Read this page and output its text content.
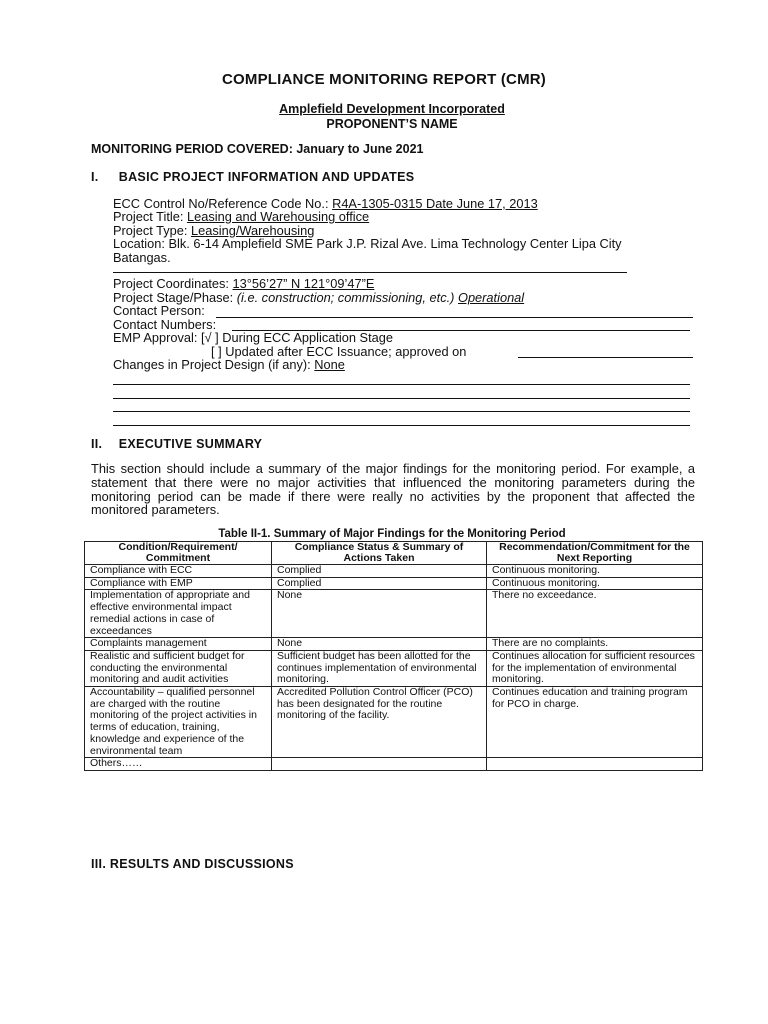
COMPLIANCE MONITORING REPORT (CMR)
Amplefield Development Incorporated
PROPONENT’S NAME
MONITORING PERIOD COVERED: January to June 2021
I. BASIC PROJECT INFORMATION AND UPDATES
ECC Control No/Reference Code No.: R4A-1305-0315 Date June 17, 2013
Project Title: Leasing and Warehousing office
Project Type: Leasing/Warehousing
Location: Blk. 6-14 Amplefield SME Park J.P. Rizal Ave. Lima Technology Center Lipa City
Batangas.
Project Coordinates: 13°56’27” N 121°09’47”E
Project Stage/Phase: (i.e. construction; commissioning, etc.) Operational
Contact Person:
Contact Numbers:
EMP Approval: [√ ] During ECC Application Stage
[ ] Updated after ECC Issuance; approved on
Changes in Project Design (if any): None
II. EXECUTIVE SUMMARY
This section should include a summary of the major findings for the monitoring period. For example, a statement that there were no major activities that influenced the monitoring parameters during the monitoring period can be made if there were really no activities by the proponent that affected the monitored parameters.
Table II-1. Summary of Major Findings for the Monitoring Period
Condition/Requirement/ Commitment	Compliance Status & Summary of Actions Taken	Recommendation/Commitment for the Next Reporting
Compliance with ECC	Complied	Continuous monitoring.
Compliance with EMP	Complied	Continuous monitoring.
Implementation of appropriate and effective environmental impact remedial actions in case of exceedances	None	There no exceedance.
Complaints management	None	There are no complaints.
Realistic and sufficient budget for conducting the environmental monitoring and audit activities	Sufficient budget has been allotted for the continues implementation of environmental monitoring.	Continues allocation for sufficient resources for the implementation of environmental monitoring.
Accountability – qualified personnel are charged with the routine monitoring of the project activities in terms of education, training, knowledge and experience of the environmental team	Accredited Pollution Control Officer (PCO) has been designated for the routine monitoring of the facility.	Continues education and training program for PCO in charge.
Others……		
III. RESULTS AND DISCUSSIONS
